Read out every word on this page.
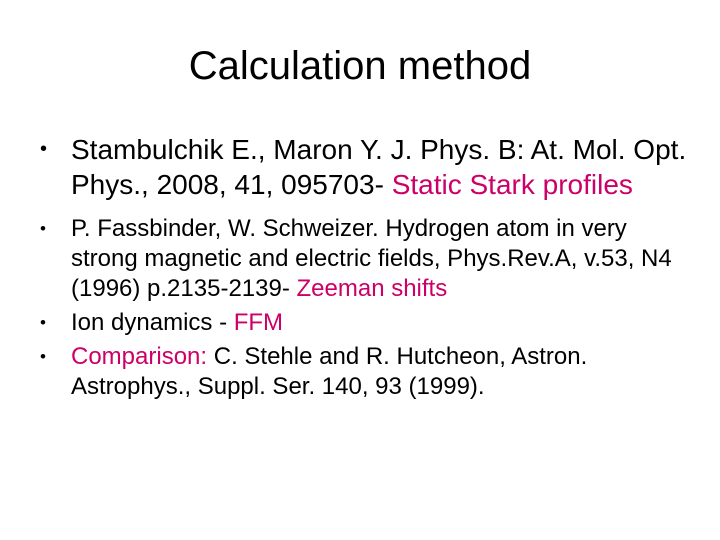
Calculation method
• Stambulchik E., Maron Y. J. Phys. B: At. Mol. Opt. Phys., 2008, 41, 095703- Static Stark profiles
• P. Fassbinder, W. Schweizer. Hydrogen atom in very strong magnetic and electric fields, Phys.Rev.A, v.53, N4 (1996) p.2135-2139- Zeeman shifts
• Ion dynamics - FFM
• Comparison: C. Stehle and R. Hutcheon, Astron. Astrophys., Suppl. Ser. 140, 93 (1999).
